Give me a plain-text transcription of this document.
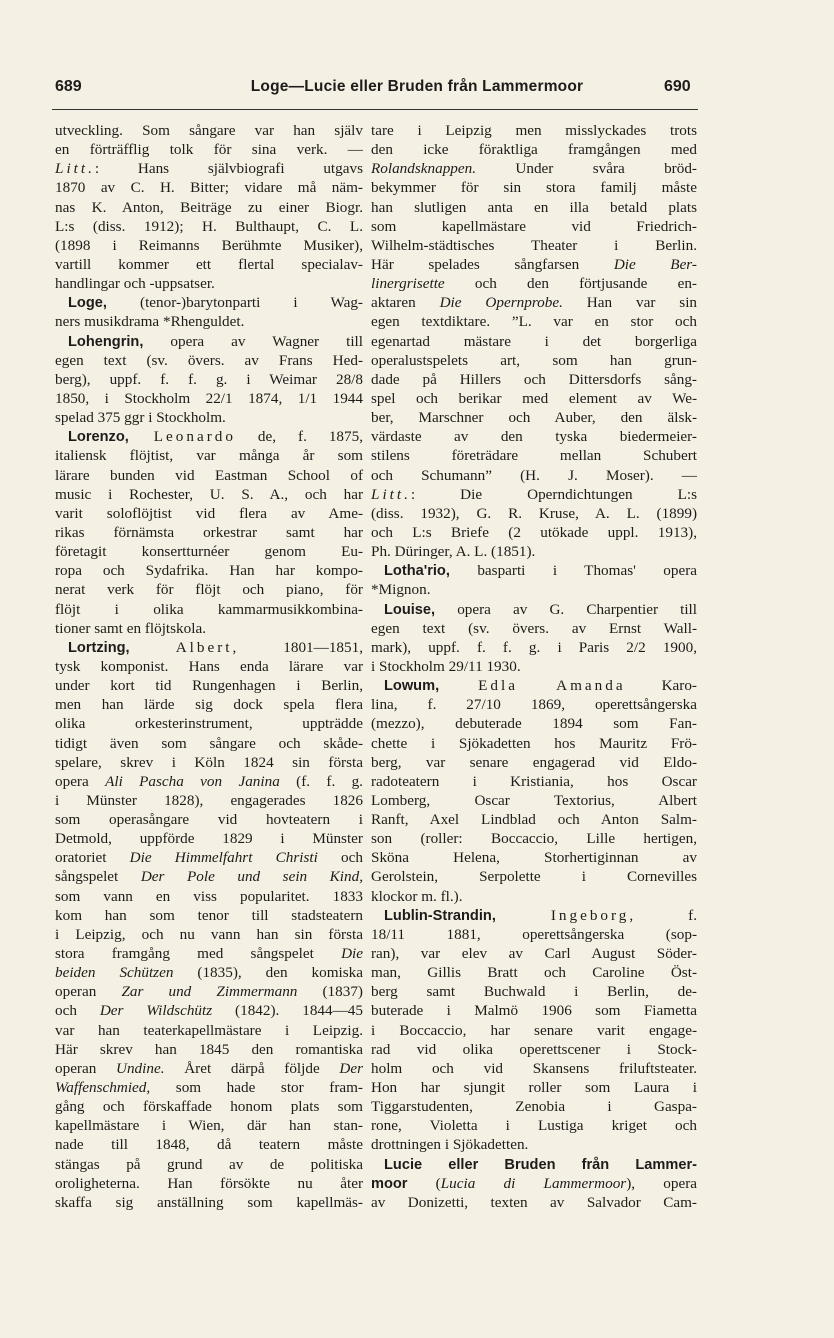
689	Loge—Lucie eller Bruden från Lammermoor	690
utveckling. Som sångare var han själv
en förträfflig tolk för sina verk. —
Litt.: Hans självbiografi utgavs
1870 av C. H. Bitter; vidare må näm-
nas K. Anton, Beiträge zu einer Biogr.
L:s (diss. 1912); H. Bulthaupt, C. L.
(1898 i Reimanns Berühmte Musiker),
vartill kommer ett flertal specialav-
handlingar och -uppsatser.
Loge, (tenor-)barytonparti i Wag-
ners musikdrama *Rhenguldet.
Lohengrin, opera av Wagner till
egen text (sv. övers. av Frans Hed-
berg), uppf. f. f. g. i Weimar 28/8
1850, i Stockholm 22/1 1874, 1/1 1944
spelad 375 ggr i Stockholm.
Lorenzo, Leonardo de, f. 1875,
italiensk flöjtist, var många år som
lärare bunden vid Eastman School of
music i Rochester, U. S. A., och har
varit soloflöjtist vid flera av Ame-
rikas förnämsta orkestrar samt har
företagit konsertturnéer genom Eu-
ropa och Sydafrika. Han har kompo-
nerat verk för flöjt och piano, för
flöjt i olika kammarmusikkombina-
tioner samt en flöjtskola.
Lortzing, Albert, 1801—1851,
tysk komponist. Hans enda lärare var
under kort tid Rungenhagen i Berlin,
men han lärde sig dock spela flera
olika orkesterinstrument, uppträdde
tidigt även som sångare och skåde-
spelare, skrev i Köln 1824 sin första
opera Ali Pascha von Janina (f. f. g.
i Münster 1828), engagerades 1826
som operasångare vid hovteatern i
Detmold, uppförde 1829 i Münster
oratoriet Die Himmelfahrt Christi och
sångspelet Der Pole und sein Kind,
som vann en viss popularitet. 1833
kom han som tenor till stadsteatern
i Leipzig, och nu vann han sin första
stora framgång med sångspelet Die
beiden Schützen (1835), den komiska
operan Zar und Zimmermann (1837)
och Der Wildschütz (1842). 1844—45
var han teaterkapellmästare i Leipzig.
Här skrev han 1845 den romantiska
operan Undine. Året därpå följde Der
Waffenschmied, som hade stor fram-
gång och förskaffade honom plats som
kapellmästare i Wien, där han stan-
nade till 1848, då teatern måste
stängas på grund av de politiska
oroligheterna. Han försökte nu åter
skaffa sig anställning som kapellmäs-
tare i Leipzig men misslyckades trots
den icke föraktliga framgången med
Rolandsknappen. Under svåra bröd-
bekymmer för sin stora familj måste
han slutligen anta en illa betald plats
som kapellmästare vid Friedrich-
Wilhelm-städtisches Theater i Berlin.
Här spelades sångfarsen Die Ber-
linergrisette och den förtjusande en-
aktaren Die Opernprobe. Han var sin
egen textdiktare. ”L. var en stor och
egenartad mästare i det borgerliga
operalustspelets art, som han grun-
dade på Hillers och Dittersdorfs sång-
spel och berikar med element av We-
ber, Marschner och Auber, den älsk-
värdaste av den tyska biedermeier-
stilens företrädare mellan Schubert
och Schumann” (H. J. Moser). —
Litt.: Die Operndichtungen L:s
(diss. 1932), G. R. Kruse, A. L. (1899)
och L:s Briefe (2 utökade uppl. 1913),
Ph. Düringer, A. L. (1851).
Lotha'rio, basparti i Thomas' opera
*Mignon.
Louise, opera av G. Charpentier till
egen text (sv. övers. av Ernst Wall-
mark), uppf. f. f. g. i Paris 2/2 1900,
i Stockholm 29/11 1930.
Lowum, Edla Amanda Karo-
lina, f. 27/10 1869, operettsångerska
(mezzo), debuterade 1894 som Fan-
chette i Sjökadetten hos Mauritz Frö-
berg, var senare engagerad vid Eldo-
radoteatern i Kristiania, hos Oscar
Lomberg, Oscar Textorius, Albert
Ranft, Axel Lindblad och Anton Salm-
son (roller: Boccaccio, Lille hertigen,
Sköna Helena, Storhertiginnan av
Gerolstein, Serpolette i Cornevilles
klockor m. fl.).
Lublin-Strandin, Ingeborg, f.
18/11 1881, operettsångerska (sop-
ran), var elev av Carl August Söder-
man, Gillis Bratt och Caroline Öst-
berg samt Buchwald i Berlin, de-
buterade i Malmö 1906 som Fiametta
i Boccaccio, har senare varit engage-
rad vid olika operettscener i Stock-
holm och vid Skansens friluftsteater.
Hon har sjungit roller som Laura i
Tiggarstudenten, Zenobia i Gaspa-
rone, Violetta i Lustiga kriget och
drottningen i Sjökadetten.
Lucie eller Bruden från Lammer-
moor (Lucia di Lammermoor), opera
av Donizetti, texten av Salvador Cam-
